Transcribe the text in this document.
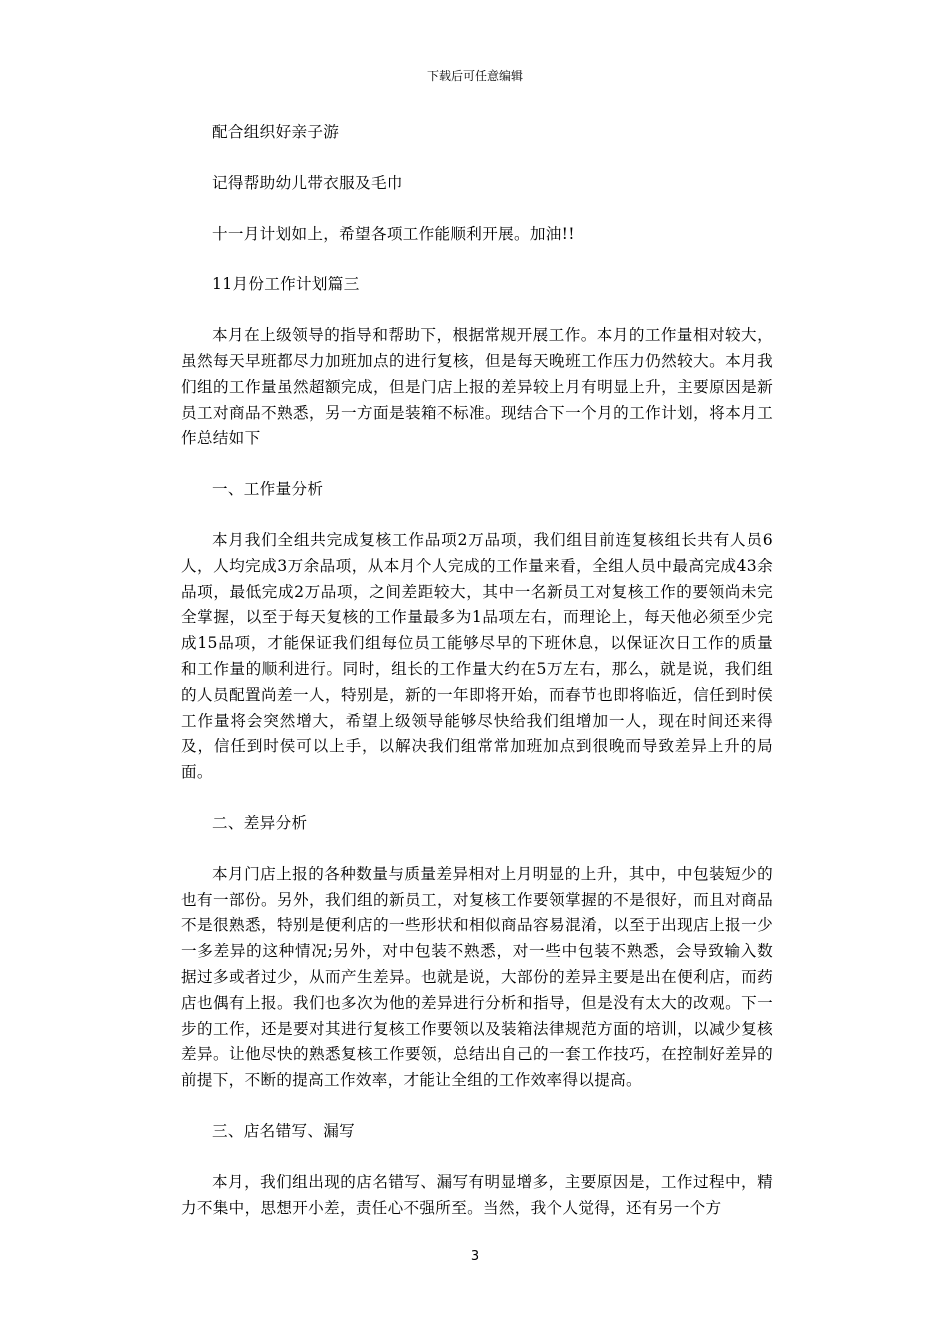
下载后可任意编辑

配合组织好亲子游

记得帮助幼儿带衣服及毛巾

十一月计划如上，希望各项工作能顺利开展。加油!!

11月份工作计划篇三

本月在上级领导的指导和帮助下，根据常规开展工作。本月的工作量相对较大，虽然每天早班都尽力加班加点的进行复核，但是每天晚班工作压力仍然较大。本月我们组的工作量虽然超额完成，但是门店上报的差异较上月有明显上升，主要原因是新员工对商品不熟悉，另一方面是装箱不标准。现结合下一个月的工作计划，将本月工作总结如下

一、工作量分析

本月我们全组共完成复核工作品项2万品项，我们组目前连复核组长共有人员6人，人均完成3万余品项，从本月个人完成的工作量来看，全组人员中最高完成43余品项，最低完成2万品项，之间差距较大，其中一名新员工对复核工作的要领尚未完全掌握，以至于每天复核的工作量最多为1品项左右，而理论上，每天他必须至少完成15品项，才能保证我们组每位员工能够尽早的下班休息，以保证次日工作的质量和工作量的顺利进行。同时，组长的工作量大约在5万左右，那么，就是说，我们组的人员配置尚差一人，特别是，新的一年即将开始，而春节也即将临近，信任到时侯工作量将会突然增大，希望上级领导能够尽快给我们组增加一人，现在时间还来得及，信任到时侯可以上手，以解决我们组常常加班加点到很晚而导致差异上升的局面。

二、差异分析

本月门店上报的各种数量与质量差异相对上月明显的上升，其中，中包装短少的也有一部份。另外，我们组的新员工，对复核工作要领掌握的不是很好，而且对商品不是很熟悉，特别是便利店的一些形状和相似商品容易混淆，以至于出现店上报一少一多差异的这种情况;另外，对中包装不熟悉，对一些中包装不熟悉，会导致输入数据过多或者过少，从而产生差异。也就是说，大部份的差异主要是出在便利店，而药店也偶有上报。我们也多次为他的差异进行分析和指导，但是没有太大的改观。下一步的工作，还是要对其进行复核工作要领以及装箱法律规范方面的培训，以减少复核差异。让他尽快的熟悉复核工作要领，总结出自己的一套工作技巧，在控制好差异的前提下，不断的提高工作效率，才能让全组的工作效率得以提高。

三、店名错写、漏写

本月，我们组出现的店名错写、漏写有明显增多，主要原因是，工作过程中，精力不集中，思想开小差，责任心不强所至。当然，我个人觉得，还有另一个方

3
